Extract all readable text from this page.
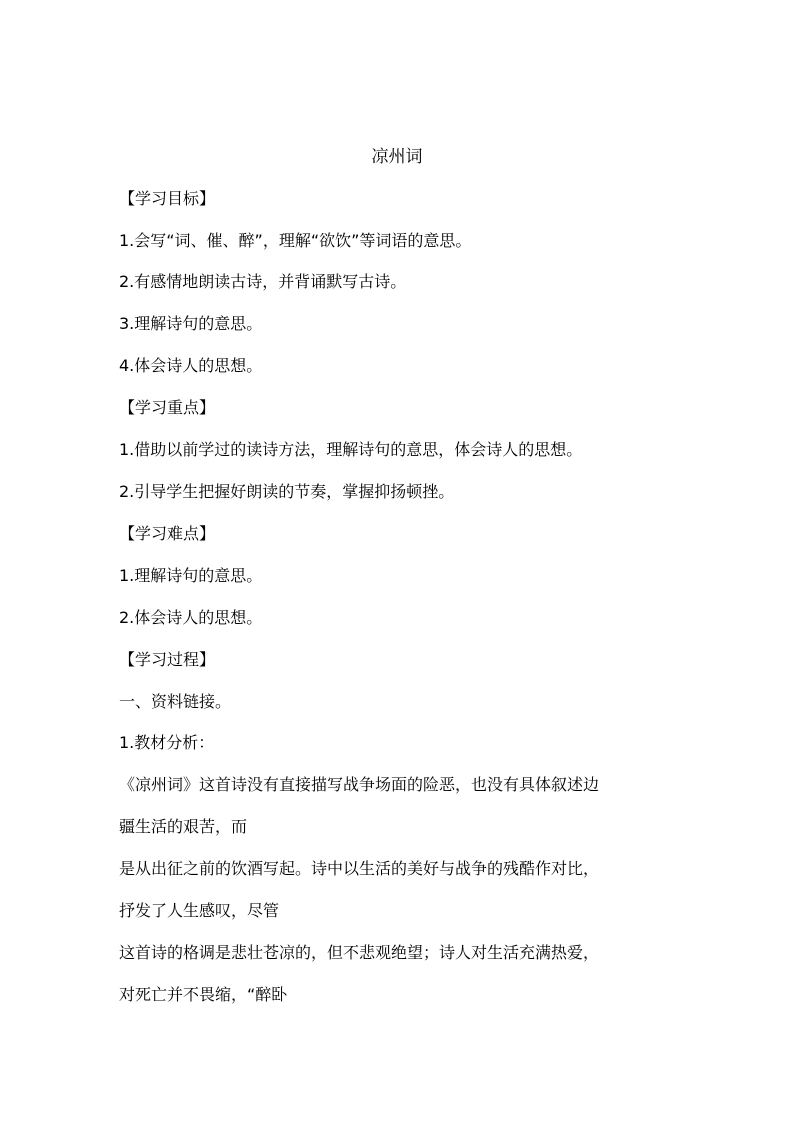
凉州词
【学习目标】
1.会写“词、催、醉”，理解“欲饮”等词语的意思。
2.有感情地朗读古诗，并背诵默写古诗。
3.理解诗句的意思。
4.体会诗人的思想。
【学习重点】
1.借助以前学过的读诗方法，理解诗句的意思，体会诗人的思想。
2.引导学生把握好朗读的节奏，掌握抑扬顿挫。
【学习难点】
1.理解诗句的意思。
2.体会诗人的思想。
【学习过程】
一、资料链接。
1.教材分析：
《凉州词》这首诗没有直接描写战争场面的险恶，也没有具体叙述边
疆生活的艰苦，而
是从出征之前的饮酒写起。诗中以生活的美好与战争的残酷作对比，
抒发了人生感叹，尽管
这首诗的格调是悲壮苍凉的，但不悲观绝望；诗人对生活充满热爱，
对死亡并不畏缩，“醉卧
